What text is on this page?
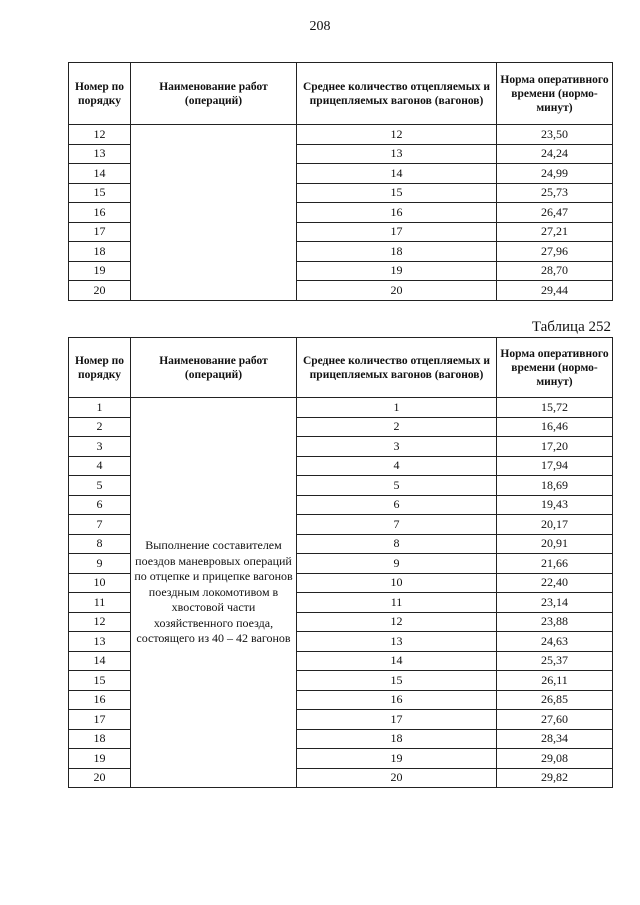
208
Номер по порядку	Наименование работ (операций)	Среднее количество отцепляемых и прицепляемых вагонов (вагонов)	Норма оперативного времени (нормо-минут)
12		12	23,50
13		13	24,24
14		14	24,99
15		15	25,73
16		16	26,47
17		17	27,21
18		18	27,96
19		19	28,70
20		20	29,44
Таблица 252
Номер по порядку	Наименование работ (операций)	Среднее количество отцепляемых и прицепляемых вагонов (вагонов)	Норма оперативного времени (нормо-минут)
1	Выполнение составителем поездов маневровых операций по отцепке и прицепке вагонов поездным локомотивом в хвостовой части хозяйственного поезда, состоящего из 40 – 42 вагонов	1	15,72
2		2	16,46
3		3	17,20
4		4	17,94
5		5	18,69
6		6	19,43
7		7	20,17
8		8	20,91
9		9	21,66
10		10	22,40
11		11	23,14
12		12	23,88
13		13	24,63
14		14	25,37
15		15	26,11
16		16	26,85
17		17	27,60
18		18	28,34
19		19	29,08
20		20	29,82
